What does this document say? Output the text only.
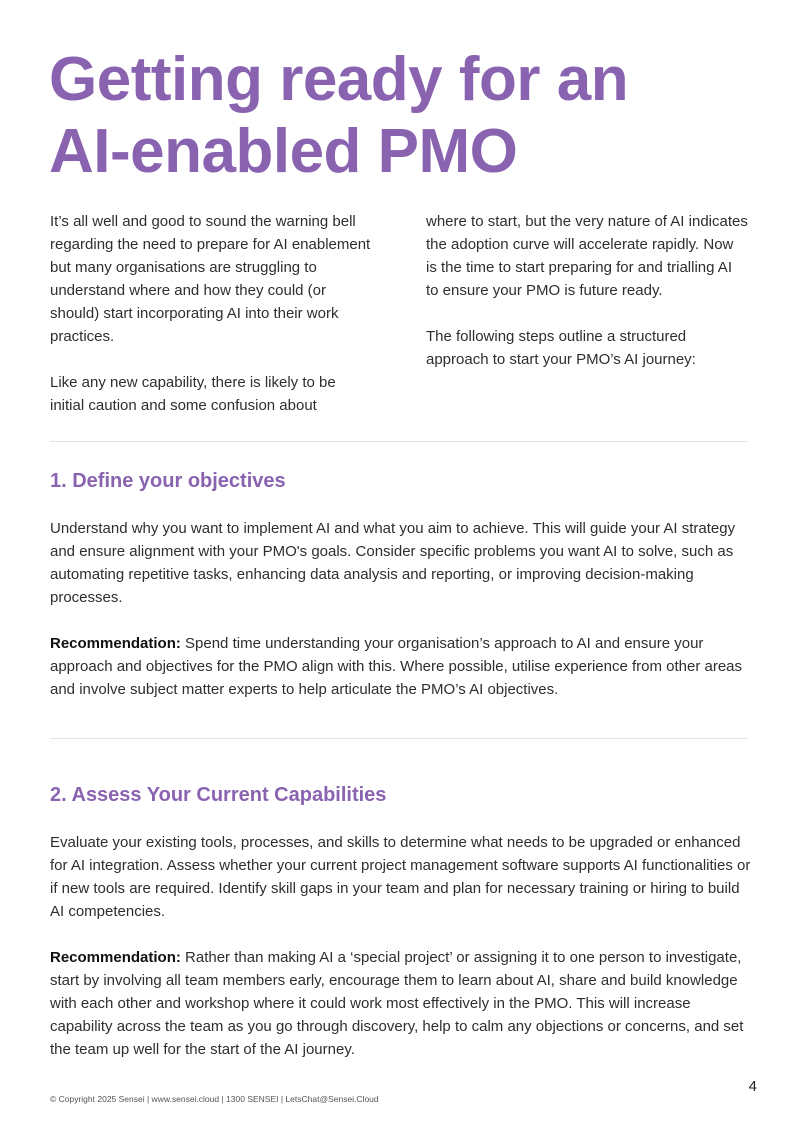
Getting ready for an
AI-enabled PMO

It’s all well and good to sound the warning bell regarding the need to prepare for AI enablement but many organisations are struggling to understand where and how they could (or should) start incorporating AI into their work practices.

Like any new capability, there is likely to be initial caution and some confusion about

where to start, but the very nature of AI indicates the adoption curve will accelerate rapidly. Now is the time to start preparing for and trialling AI to ensure your PMO is future ready.

The following steps outline a structured approach to start your PMO’s AI journey:

1. Define your objectives

Understand why you want to implement AI and what you aim to achieve. This will guide your AI strategy and ensure alignment with your PMO's goals. Consider specific problems you want AI to solve, such as automating repetitive tasks, enhancing data analysis and reporting, or improving decision-making processes.

Recommendation: Spend time understanding your organisation’s approach to AI and ensure your approach and objectives for the PMO align with this. Where possible, utilise experience from other areas and involve subject matter experts to help articulate the PMO’s AI objectives.

2. Assess Your Current Capabilities

Evaluate your existing tools, processes, and skills to determine what needs to be upgraded or enhanced for AI integration. Assess whether your current project management software supports AI functionalities or if new tools are required. Identify skill gaps in your team and plan for necessary training or hiring to build AI competencies.

Recommendation: Rather than making AI a ‘special project’ or assigning it to one person to investigate, start by involving all team members early, encourage them to learn about AI, share and build knowledge with each other and workshop where it could work most effectively in the PMO. This will increase capability across the team as you go through discovery, help to calm any objections or concerns, and set the team up well for the start of the AI journey.

4
© Copyright 2025 Sensei | www.sensei.cloud | 1300 SENSEI | LetsChat@Sensei.Cloud
